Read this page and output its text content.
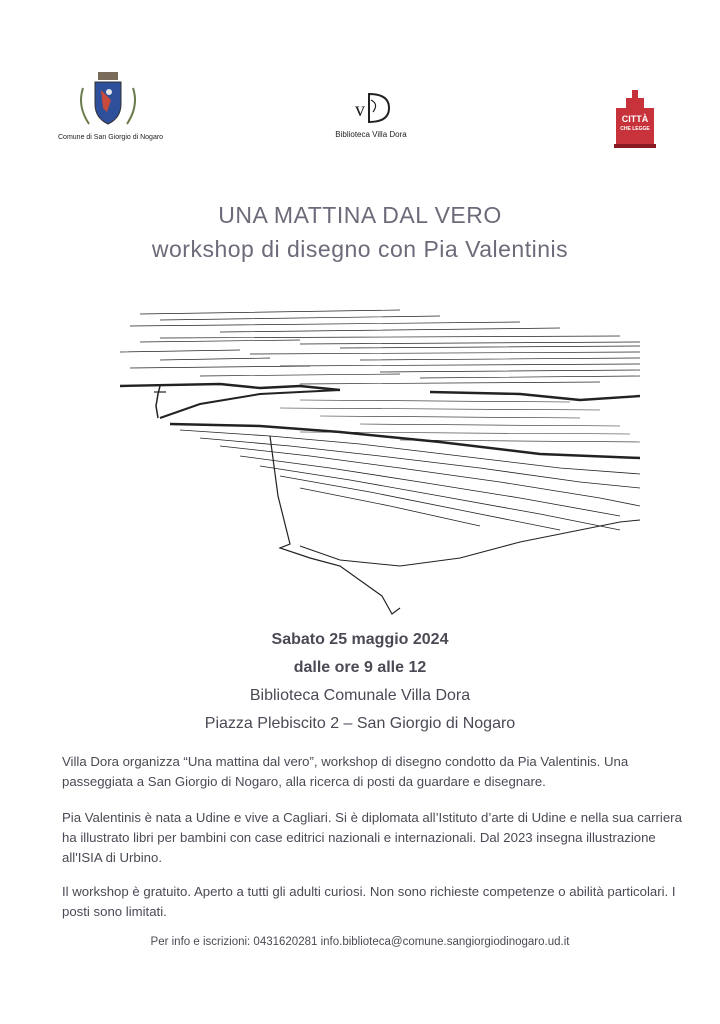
Comune di San Giorgio di Nogaro
v
Biblioteca Villa Dora
CITTÀ
CHE LEGGE
UNA MATTINA DAL VERO
workshop di disegno con Pia Valentinis
Sabato 25 maggio 2024
dalle ore 9 alle 12
Biblioteca Comunale Villa Dora
Piazza Plebiscito 2 – San Giorgio di Nogaro
Villa Dora organizza “Una mattina dal vero”, workshop di disegno condotto da Pia Valentinis. Una passeggiata a San Giorgio di Nogaro, alla ricerca di posti da guardare e disegnare.
Pia Valentinis è nata a Udine e vive a Cagliari. Si è diplomata all’Istituto d’arte di Udine e nella sua carriera ha illustrato libri per bambini con case editrici nazionali e internazionali. Dal 2023 insegna illustrazione all'ISIA di Urbino.
Il workshop è gratuito. Aperto a tutti gli adulti curiosi. Non sono richieste competenze o abilità particolari. I posti sono limitati.
Per info e iscrizioni: 0431620281 info.biblioteca@comune.sangiorgiodinogaro.ud.it
